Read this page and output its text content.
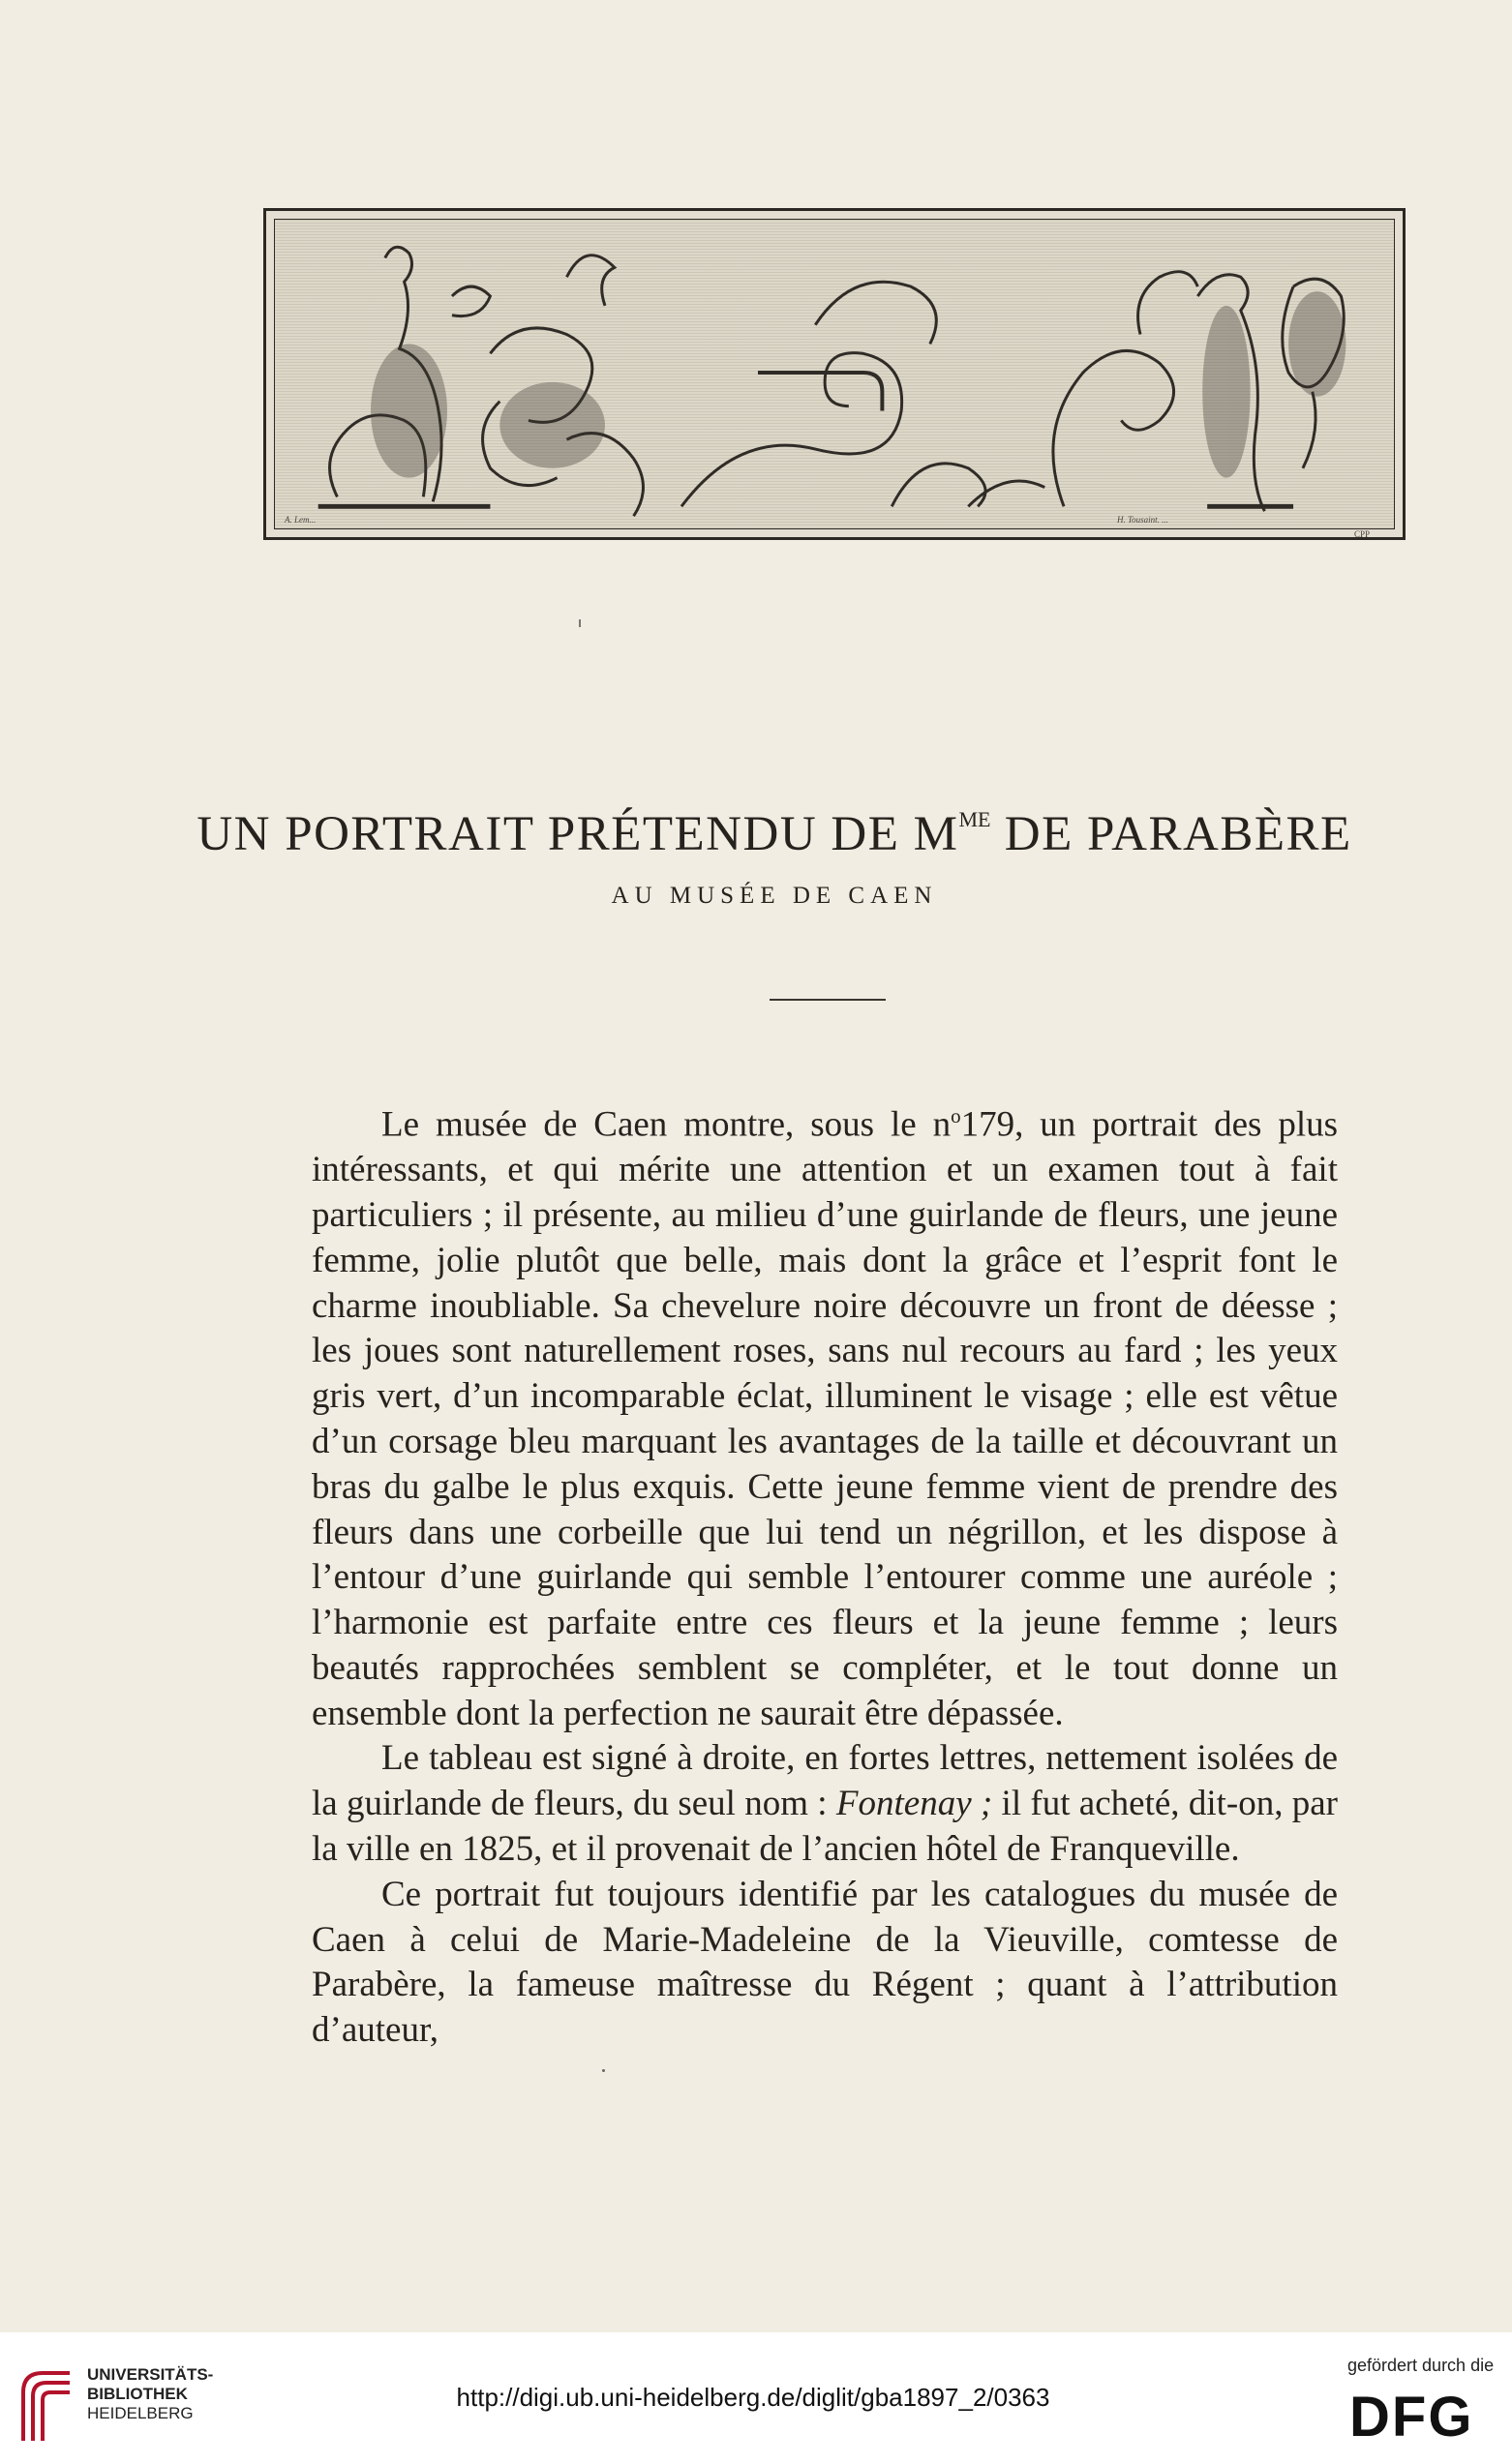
A. Lem...	H. Tousaint. ...
CPP
UN PORTRAIT PRÉTENDU DE $M^{ME}$ DE PARABÈRE
AU MUSÉE DE CAEN

Le musée de Caen montre, sous le $n^o179$, un portrait des plus intéressants, et qui mérite une attention et un examen tout à fait particuliers ; il présente, au milieu d’une guirlande de fleurs, une jeune femme, jolie plutôt que belle, mais dont la grâce et l’esprit font le charme inoubliable. Sa chevelure noire découvre un front de déesse ; les joues sont naturellement roses, sans nul recours au fard ; les yeux gris vert, d’un incomparable éclat, illuminent le visage ; elle est vêtue d’un corsage bleu marquant les avantages de la taille et découvrant un bras du galbe le plus exquis. Cette jeune femme vient de prendre des fleurs dans une corbeille que lui tend un négrillon, et les dispose à l’entour d’une guirlande qui semble l’entourer comme une auréole ; l’harmonie est parfaite entre ces fleurs et la jeune femme ; leurs beautés rapprochées semblent se compléter, et le tout donne un ensemble dont la perfection ne saurait être dépassée.

Le tableau est signé à droite, en fortes lettres, nettement isolées de la guirlande de fleurs, du seul nom : Fontenay ; il fut acheté, dit-on, par la ville en 1825, et il provenait de l’ancien hôtel de Franqueville.

Ce portrait fut toujours identifié par les catalogues du musée de Caen à celui de Marie-Madeleine de la Vieuville, comtesse de Parabère, la fameuse maîtresse du Régent ; quant à l’attribution d’auteur,

UNIVERSITÄTS-
BIBLIOTHEK
HEIDELBERG
http://digi.ub.uni-heidelberg.de/diglit/gba1897_2/0363
gefördert durch die
DFG
